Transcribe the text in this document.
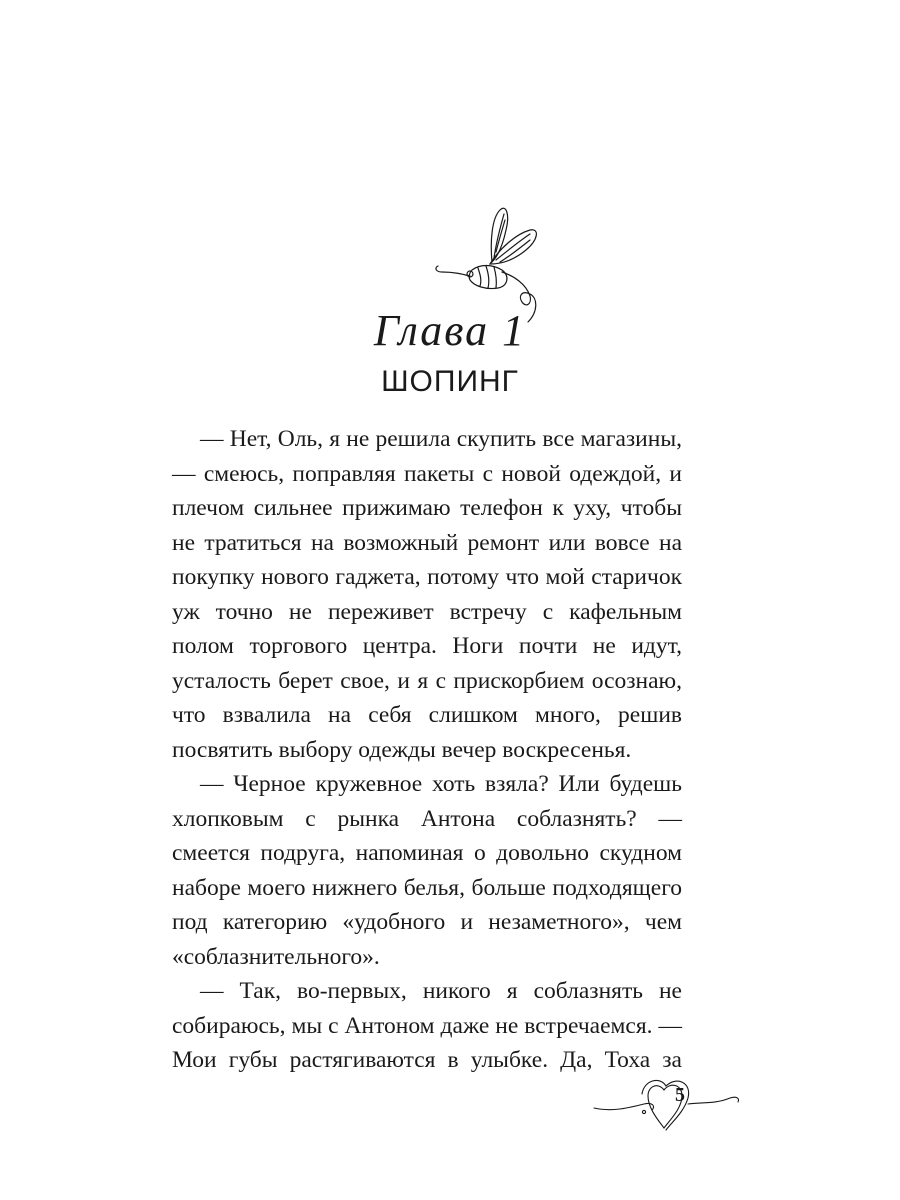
Глава 1
ШОПИНГ

— Нет, Оль, я не решила скупить все магазины, — смеюсь, поправляя пакеты с новой одеждой, и плечом сильнее прижимаю телефон к уху, чтобы не тратиться на возможный ремонт или вовсе на покупку нового гаджета, потому что мой старичок уж точно не переживет встречу с кафельным полом торгового центра. Ноги почти не идут, усталость берет свое, и я с прискорбием осознаю, что взвалила на себя слишком много, решив посвятить выбору одежды вечер воскресенья.

— Черное кружевное хоть взяла? Или будешь хлопковым с рынка Антона соблазнять? — смеется подруга, напоминая о довольно скудном наборе моего нижнего белья, больше подходящего под категорию «удобного и незаметного», чем «соблазнительного».

— Так, во-первых, никого я соблазнять не собираюсь, мы с Антоном даже не встречаемся. — Мои губы растягиваются в улыбке. Да, Тоха за

5
